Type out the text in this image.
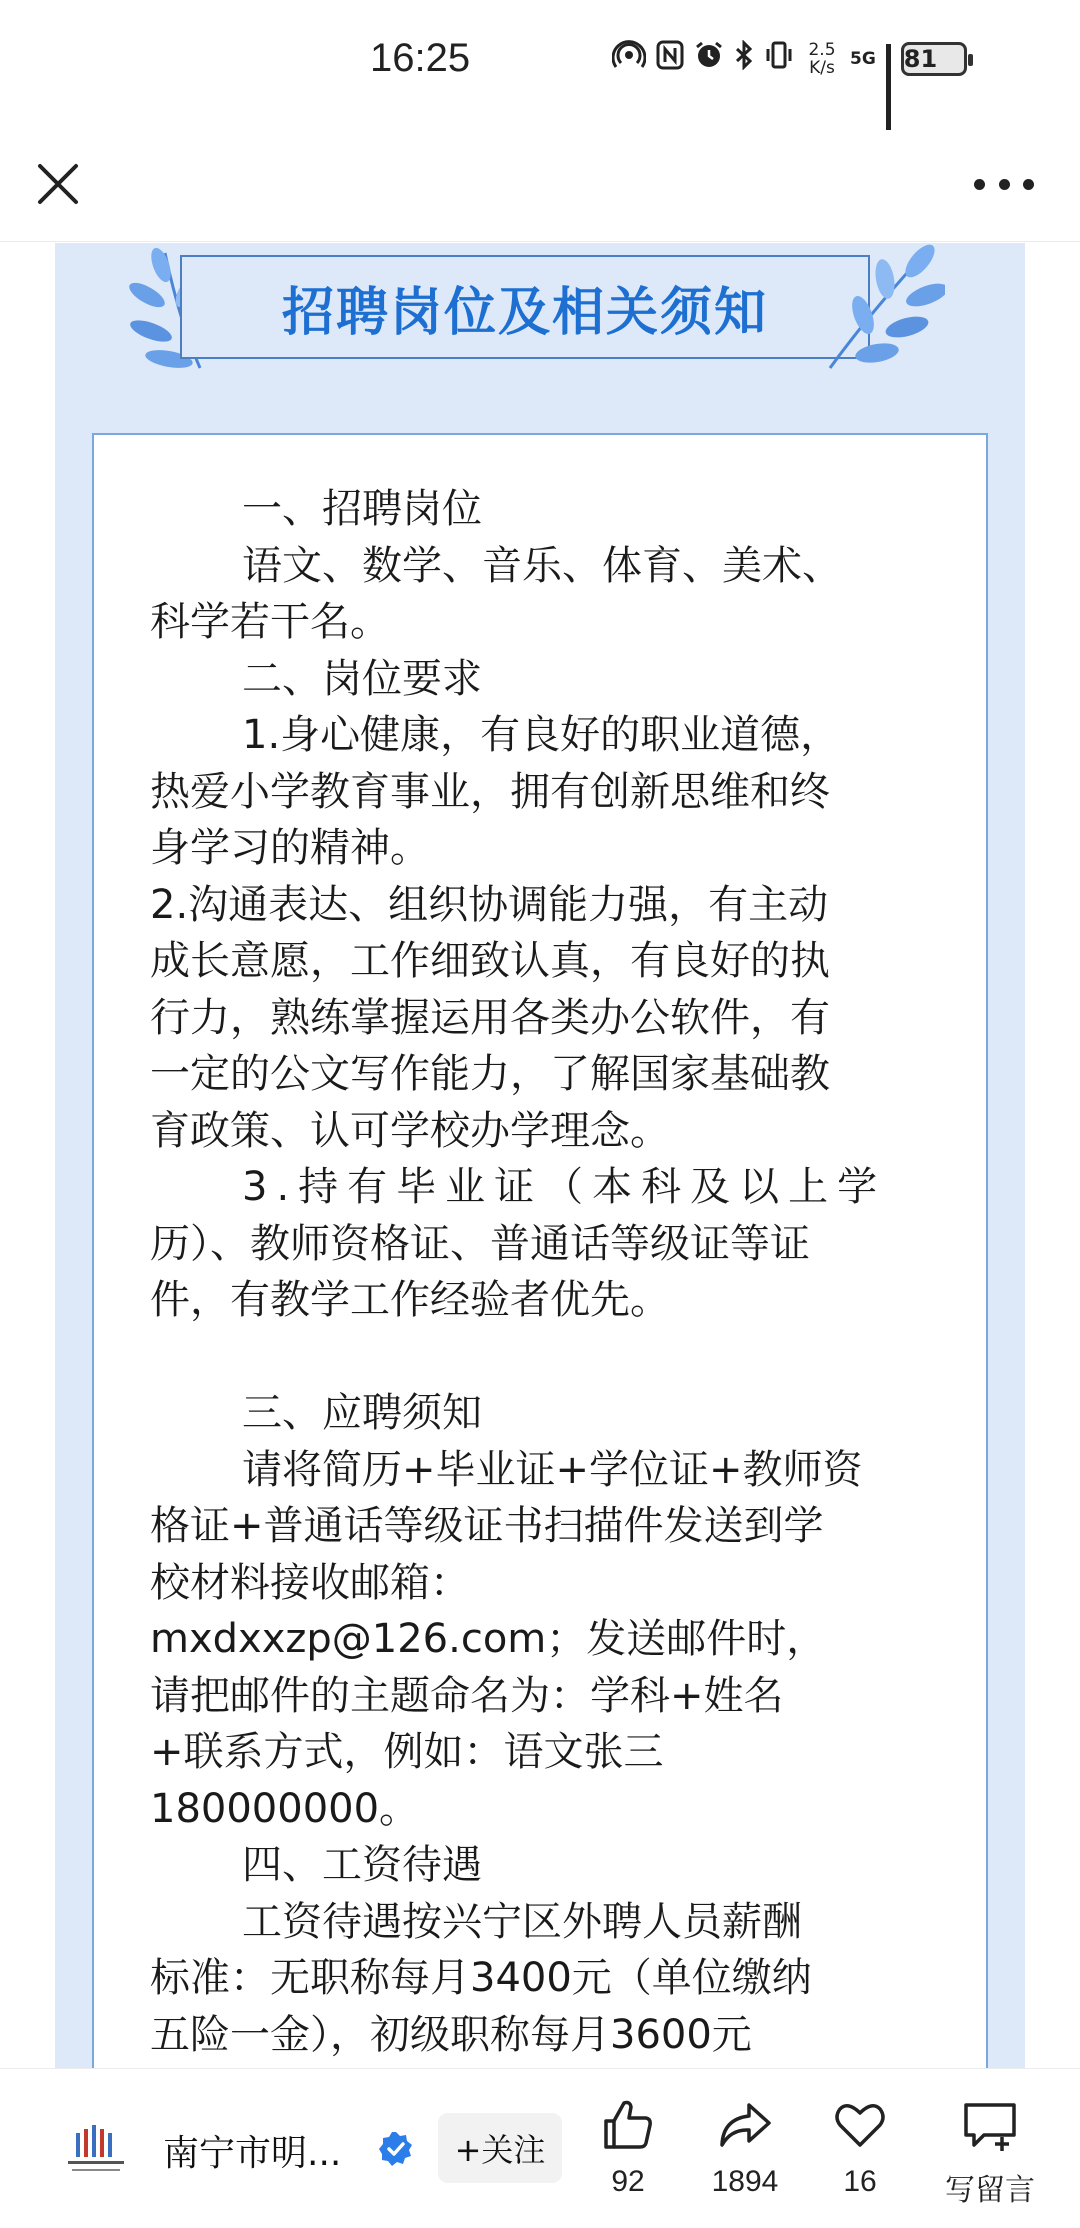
16:25	2.5
K/s 5G 81
招聘岗位及相关须知

一、招聘岗位

语文、数学、音乐、体育、美术、

科学若干名。

二、岗位要求

1.身心健康，有良好的职业道德，

热爱小学教育事业，拥有创新思维和终

身学习的精神。

2.沟通表达、组织协调能力强，有主动

成长意愿，工作细致认真，有良好的执

行力，熟练掌握运用各类办公软件，有

一定的公文写作能力，了解国家基础教

育政策、认可学校办学理念。

3.持有毕业证（本科及以上学

历）、教师资格证、普通话等级证等证

件，有教学工作经验者优先。

三、应聘须知

请将简历+毕业证+学位证+教师资

格证+普通话等级证书扫描件发送到学

校材料接收邮箱：

mxdxxzp@126.com；发送邮件时，

请把邮件的主题命名为：学科+姓名

+联系方式，例如：语文张三

180000000。

四、工资待遇

工资待遇按兴宁区外聘人员薪酬

标准：无职称每月3400元（单位缴纳

五险一金），初级职称每月3600元

南宁市明...	+关注
92 1894 16 写留言
